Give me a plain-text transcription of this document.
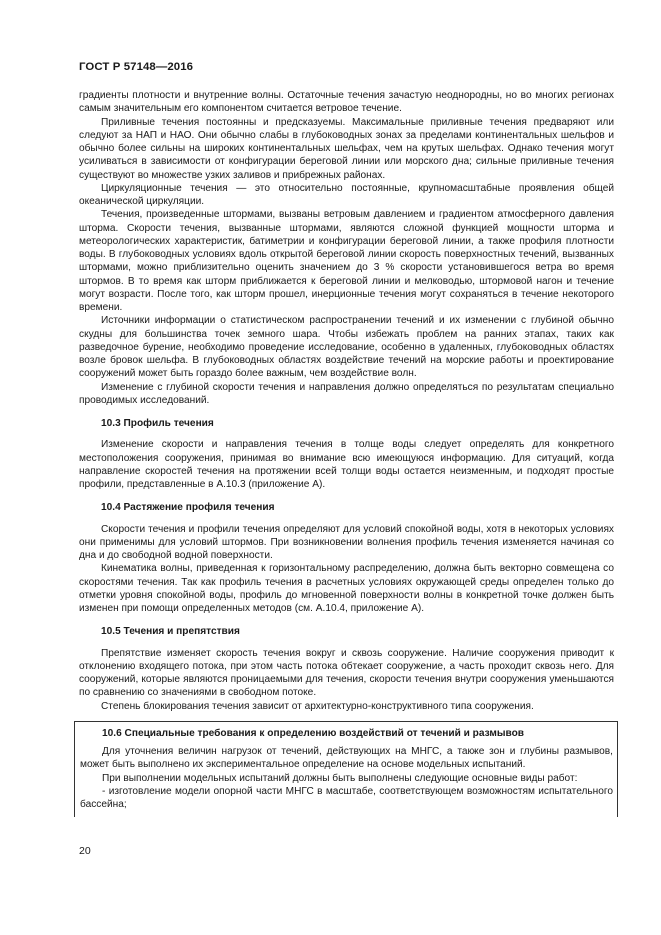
ГОСТ Р 57148—2016

градиенты плотности и внутренние волны. Остаточные течения зачастую неоднородны, но во многих регионах самым значительным его компонентом считается ветровое течение.

Приливные течения постоянны и предсказуемы. Максимальные приливные течения предваряют или следуют за НАП и НАО. Они обычно слабы в глубоководных зонах за пределами континентальных шельфов и обычно более сильны на широких континентальных шельфах, чем на крутых шельфах. Однако течения могут усиливаться в зависимости от конфигурации береговой линии или морского дна; сильные приливные течения существуют во множестве узких заливов и прибрежных районах.

Циркуляционные течения — это относительно постоянные, крупномасштабные проявления общей океанической циркуляции.

Течения, произведенные штормами, вызваны ветровым давлением и градиентом атмосферного давления шторма. Скорости течения, вызванные штормами, являются сложной функцией мощности шторма и метеорологических характеристик, батиметрии и конфигурации береговой линии, а также профиля плотности воды. В глубоководных условиях вдоль открытой береговой линии скорость поверхностных течений, вызванных штормами, можно приблизительно оценить значением до 3 % скорости установившегося ветра во время штормов. В то время как шторм приближается к береговой линии и мелководью, штормовой нагон и течение могут возрасти. После того, как шторм прошел, инерционные течения могут сохраняться в течение некоторого времени.

Источники информации о статистическом распространении течений и их изменении с глубиной обычно скудны для большинства точек земного шара. Чтобы избежать проблем на ранних этапах, таких как разведочное бурение, необходимо проведение исследование, особенно в удаленных, глубоководных областях возле бровок шельфа. В глубоководных областях воздействие течений на морские работы и проектирование сооружений может быть гораздо более важным, чем воздействие волн.

Изменение с глубиной скорости течения и направления должно определяться по результатам специально проводимых исследований.

10.3 Профиль течения

Изменение скорости и направления течения в толще воды следует определять для конкретного местоположения сооружения, принимая во внимание всю имеющуюся информацию. Для ситуаций, когда направление скоростей течения на протяжении всей толщи воды остается неизменным, и подходят простые профили, представленные в А.10.3 (приложение А).

10.4 Растяжение профиля течения

Скорости течения и профили течения определяют для условий спокойной воды, хотя в некоторых условиях они применимы для условий штормов. При возникновении волнения профиль течения изменяется начиная со дна и до свободной водной поверхности.

Кинематика волны, приведенная к горизонтальному распределению, должна быть векторно совмещена со скоростями течения. Так как профиль течения в расчетных условиях окружающей среды определен только до отметки уровня спокойной воды, профиль до мгновенной поверхности волны в конкретной точке должен быть изменен при помощи определенных методов (см. А.10.4, приложение А).

10.5 Течения и препятствия

Препятствие изменяет скорость течения вокруг и сквозь сооружение. Наличие сооружения приводит к отклонению входящего потока, при этом часть потока обтекает сооружение, а часть проходит сквозь него. Для сооружений, которые являются проницаемыми для течения, скорости течения внутри сооружения уменьшаются по сравнению со значениями в свободном потоке.

Степень блокирования течения зависит от архитектурно-конструктивного типа сооружения.

10.6 Специальные требования к определению воздействий от течений и размывов

Для уточнения величин нагрузок от течений, действующих на МНГС, а также зон и глубины размывов, может быть выполнено их экспериментальное определение на основе модельных испытаний.

При выполнении модельных испытаний должны быть выполнены следующие основные виды работ:

- изготовление модели опорной части МНГС в масштабе, соответствующем возможностям испытательного бассейна;

20
